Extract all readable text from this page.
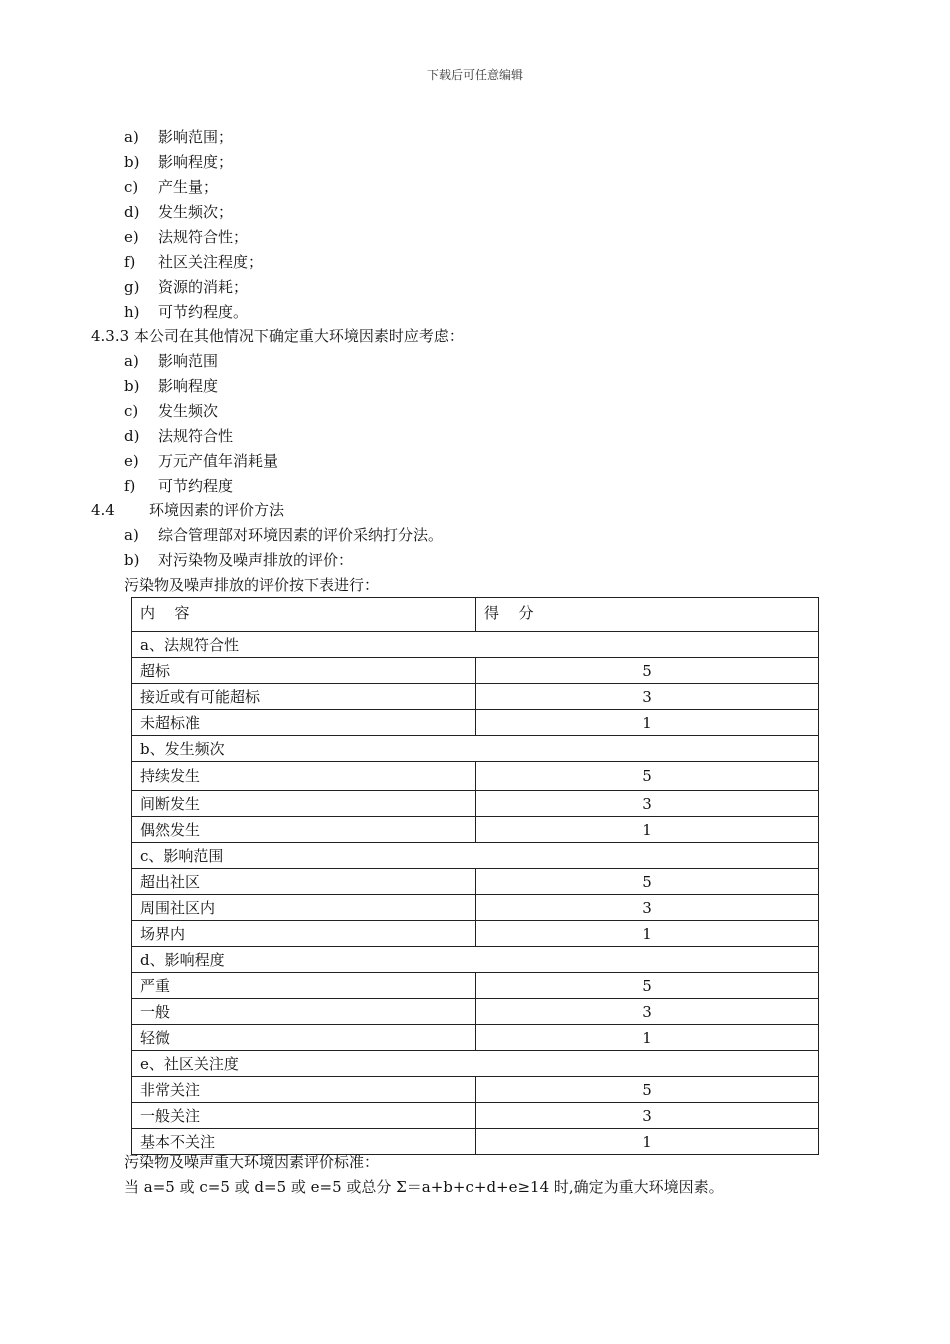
下载后可任意编辑
a) 影响范围；
b) 影响程度；
c) 产生量；
d) 发生频次；
e) 法规符合性；
f) 社区关注程度；
g) 资源的消耗；
h) 可节约程度。
4.3.3 本公司在其他情况下确定重大环境因素时应考虑：
a) 影响范围
b) 影响程度
c) 发生频次
d) 法规符合性
e) 万元产值年消耗量
f) 可节约程度
4.4 环境因素的评价方法
a) 综合管理部对环境因素的评价采纳打分法。
b) 对污染物及噪声排放的评价：
污染物及噪声排放的评价按下表进行：
内　容	得　分
a、法规符合性	
超标	5
接近或有可能超标	3
未超标准	1
b、发生频次	
持续发生	5
间断发生	3
偶然发生	1
c、影响范围	
超出社区	5
周围社区内	3
场界内	1
d、影响程度	
严重	5
一般	3
轻微	1
e、社区关注度	
非常关注	5
一般关注	3
基本不关注	1
污染物及噪声重大环境因素评价标准：
当 a=5 或 c=5 或 d=5 或 e=5 或总分 Σ＝a+b+c+d+e≥14 时,确定为重大环境因素。
